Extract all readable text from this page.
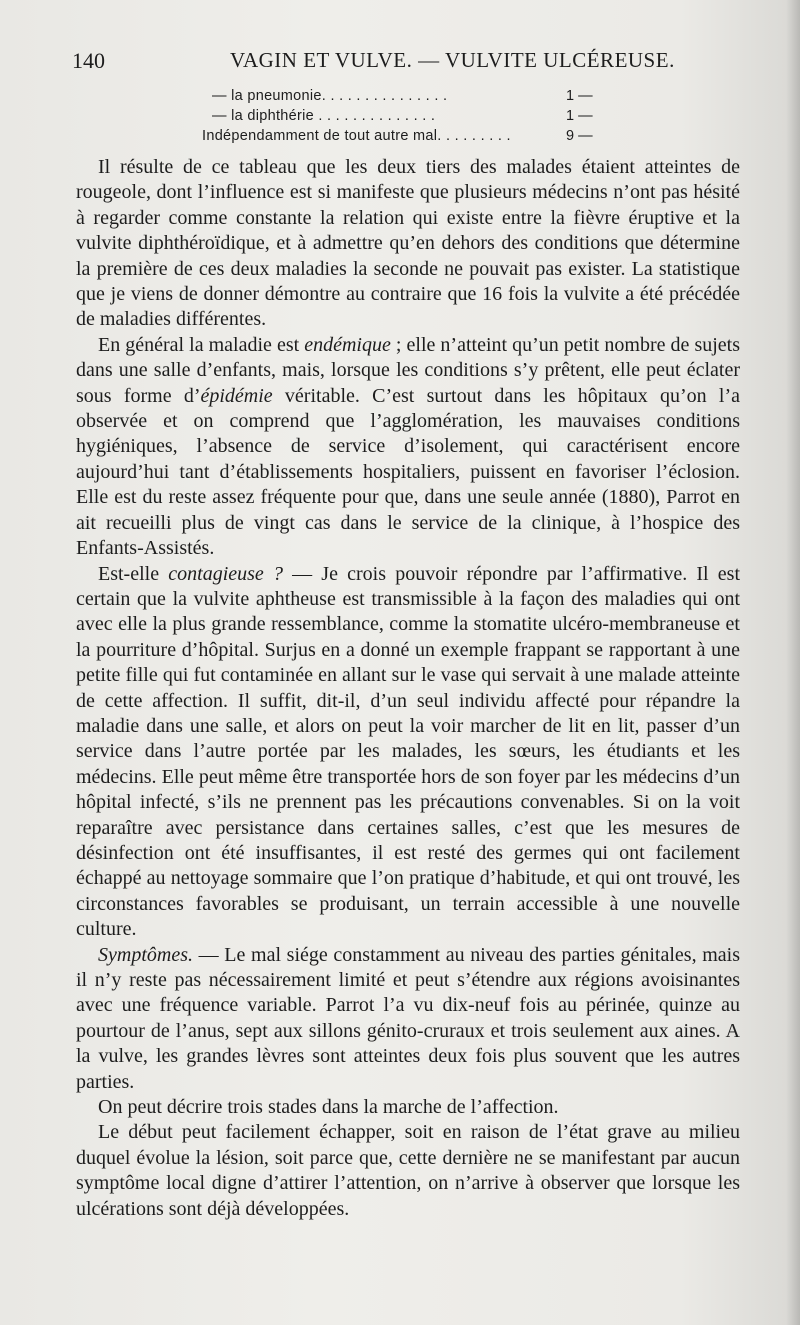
140	VAGIN ET VULVE. — VULVITE ULCÉREUSE.
— la pneumonie. . . . . . . . . . . . . . .	1 —
— la diphthérie . . . . . . . . . . . . . .	1 —
Indépendamment de tout autre mal. . . . . . . . .	9 —

Il résulte de ce tableau que les deux tiers des malades étaient atteintes de rougeole, dont l’influence est si manifeste que plusieurs médecins n’ont pas hésité à regarder comme constante la relation qui existe entre la fièvre éruptive et la vulvite diphthéroïdique, et à admettre qu’en dehors des conditions que détermine la première de ces deux maladies la seconde ne pouvait pas exister. La statistique que je viens de donner démontre au contraire que 16 fois la vulvite a été précédée de maladies différentes.

En général la maladie est endémique ; elle n’atteint qu’un petit nombre de sujets dans une salle d’enfants, mais, lorsque les conditions s’y prêtent, elle peut éclater sous forme d’épidémie véritable. C’est surtout dans les hôpitaux qu’on l’a observée et on comprend que l’agglomération, les mauvaises conditions hygiéniques, l’absence de service d’isolement, qui caractérisent encore aujourd’hui tant d’établissements hospitaliers, puissent en favoriser l’éclosion. Elle est du reste assez fréquente pour que, dans une seule année (1880), Parrot en ait recueilli plus de vingt cas dans le service de la clinique, à l’hospice des Enfants-Assistés.

Est-elle contagieuse ? — Je crois pouvoir répondre par l’affirmative. Il est certain que la vulvite aphtheuse est transmissible à la façon des maladies qui ont avec elle la plus grande ressemblance, comme la stomatite ulcéro-membraneuse et la pourriture d’hôpital. Surjus en a donné un exemple frappant se rapportant à une petite fille qui fut contaminée en allant sur le vase qui servait à une malade atteinte de cette affection. Il suffit, dit-il, d’un seul individu affecté pour répandre la maladie dans une salle, et alors on peut la voir marcher de lit en lit, passer d’un service dans l’autre portée par les malades, les sœurs, les étudiants et les médecins. Elle peut même être transportée hors de son foyer par les médecins d’un hôpital infecté, s’ils ne prennent pas les précautions convenables. Si on la voit reparaître avec persistance dans certaines salles, c’est que les mesures de désinfection ont été insuffisantes, il est resté des germes qui ont facilement échappé au nettoyage sommaire que l’on pratique d’habitude, et qui ont trouvé, les circonstances favorables se produisant, un terrain accessible à une nouvelle culture.

Symptômes. — Le mal siége constamment au niveau des parties génitales, mais il n’y reste pas nécessairement limité et peut s’étendre aux régions avoisinantes avec une fréquence variable. Parrot l’a vu dix-neuf fois au périnée, quinze au pourtour de l’anus, sept aux sillons génito-cruraux et trois seulement aux aines. A la vulve, les grandes lèvres sont atteintes deux fois plus souvent que les autres parties.

On peut décrire trois stades dans la marche de l’affection.

Le début peut facilement échapper, soit en raison de l’état grave au milieu duquel évolue la lésion, soit parce que, cette dernière ne se manifestant par aucun symptôme local digne d’attirer l’attention, on n’arrive à observer que lorsque les ulcérations sont déjà développées.
